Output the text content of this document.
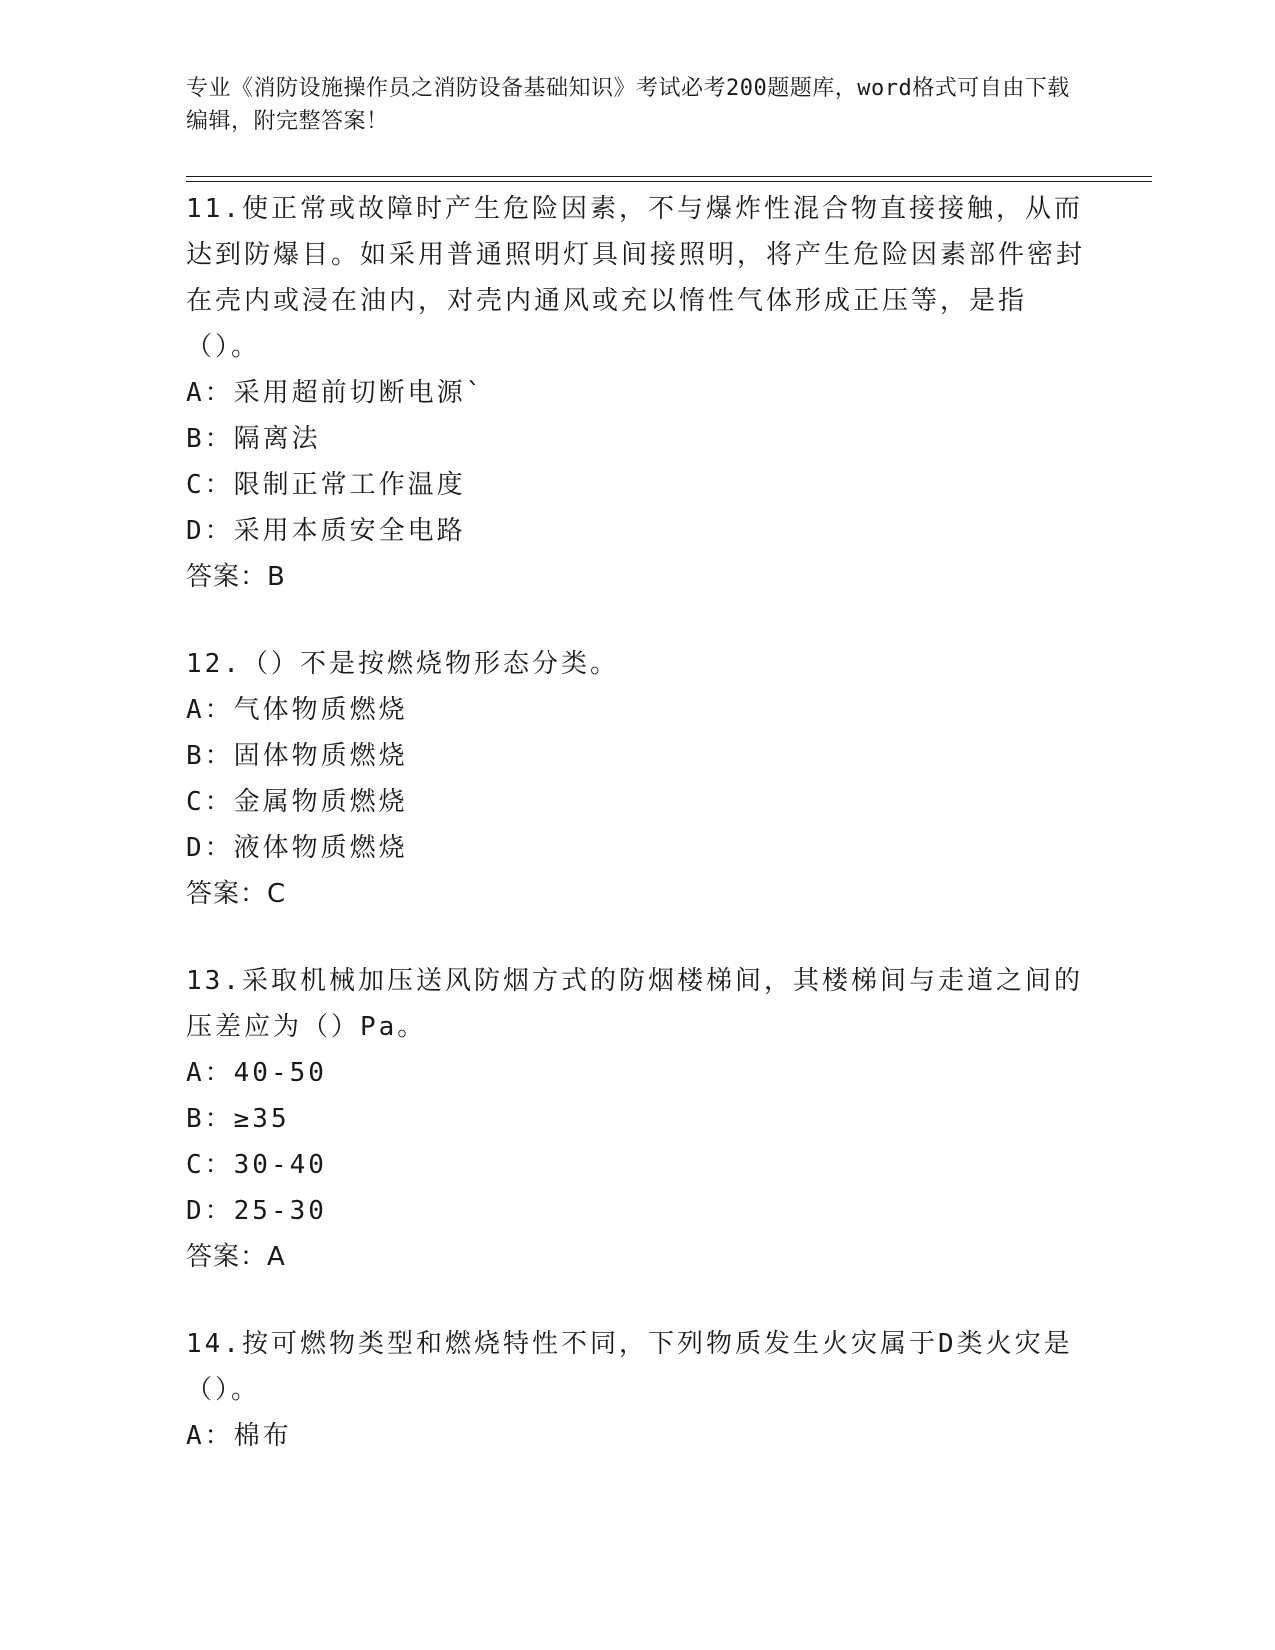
专业《消防设施操作员之消防设备基础知识》考试必考200题题库，word格式可自由下载编辑，附完整答案！
11.使正常或故障时产生危险因素，不与爆炸性混合物直接接触，从而达到防爆目。如采用普通照明灯具间接照明，将产生危险因素部件密封在壳内或浸在油内，对壳内通风或充以惰性气体形成正压等，是指（）。
A：采用超前切断电源`
B：隔离法
C：限制正常工作温度
D：采用本质安全电路
答案：B
12.（）不是按燃烧物形态分类。
A：气体物质燃烧
B：固体物质燃烧
C：金属物质燃烧
D：液体物质燃烧
答案：C
13.采取机械加压送风防烟方式的防烟楼梯间，其楼梯间与走道之间的压差应为（）Pa。
A：40-50
B：≥35
C：30-40
D：25-30
答案：A
14.按可燃物类型和燃烧特性不同，下列物质发生火灾属于D类火灾是（）。
A：棉布
